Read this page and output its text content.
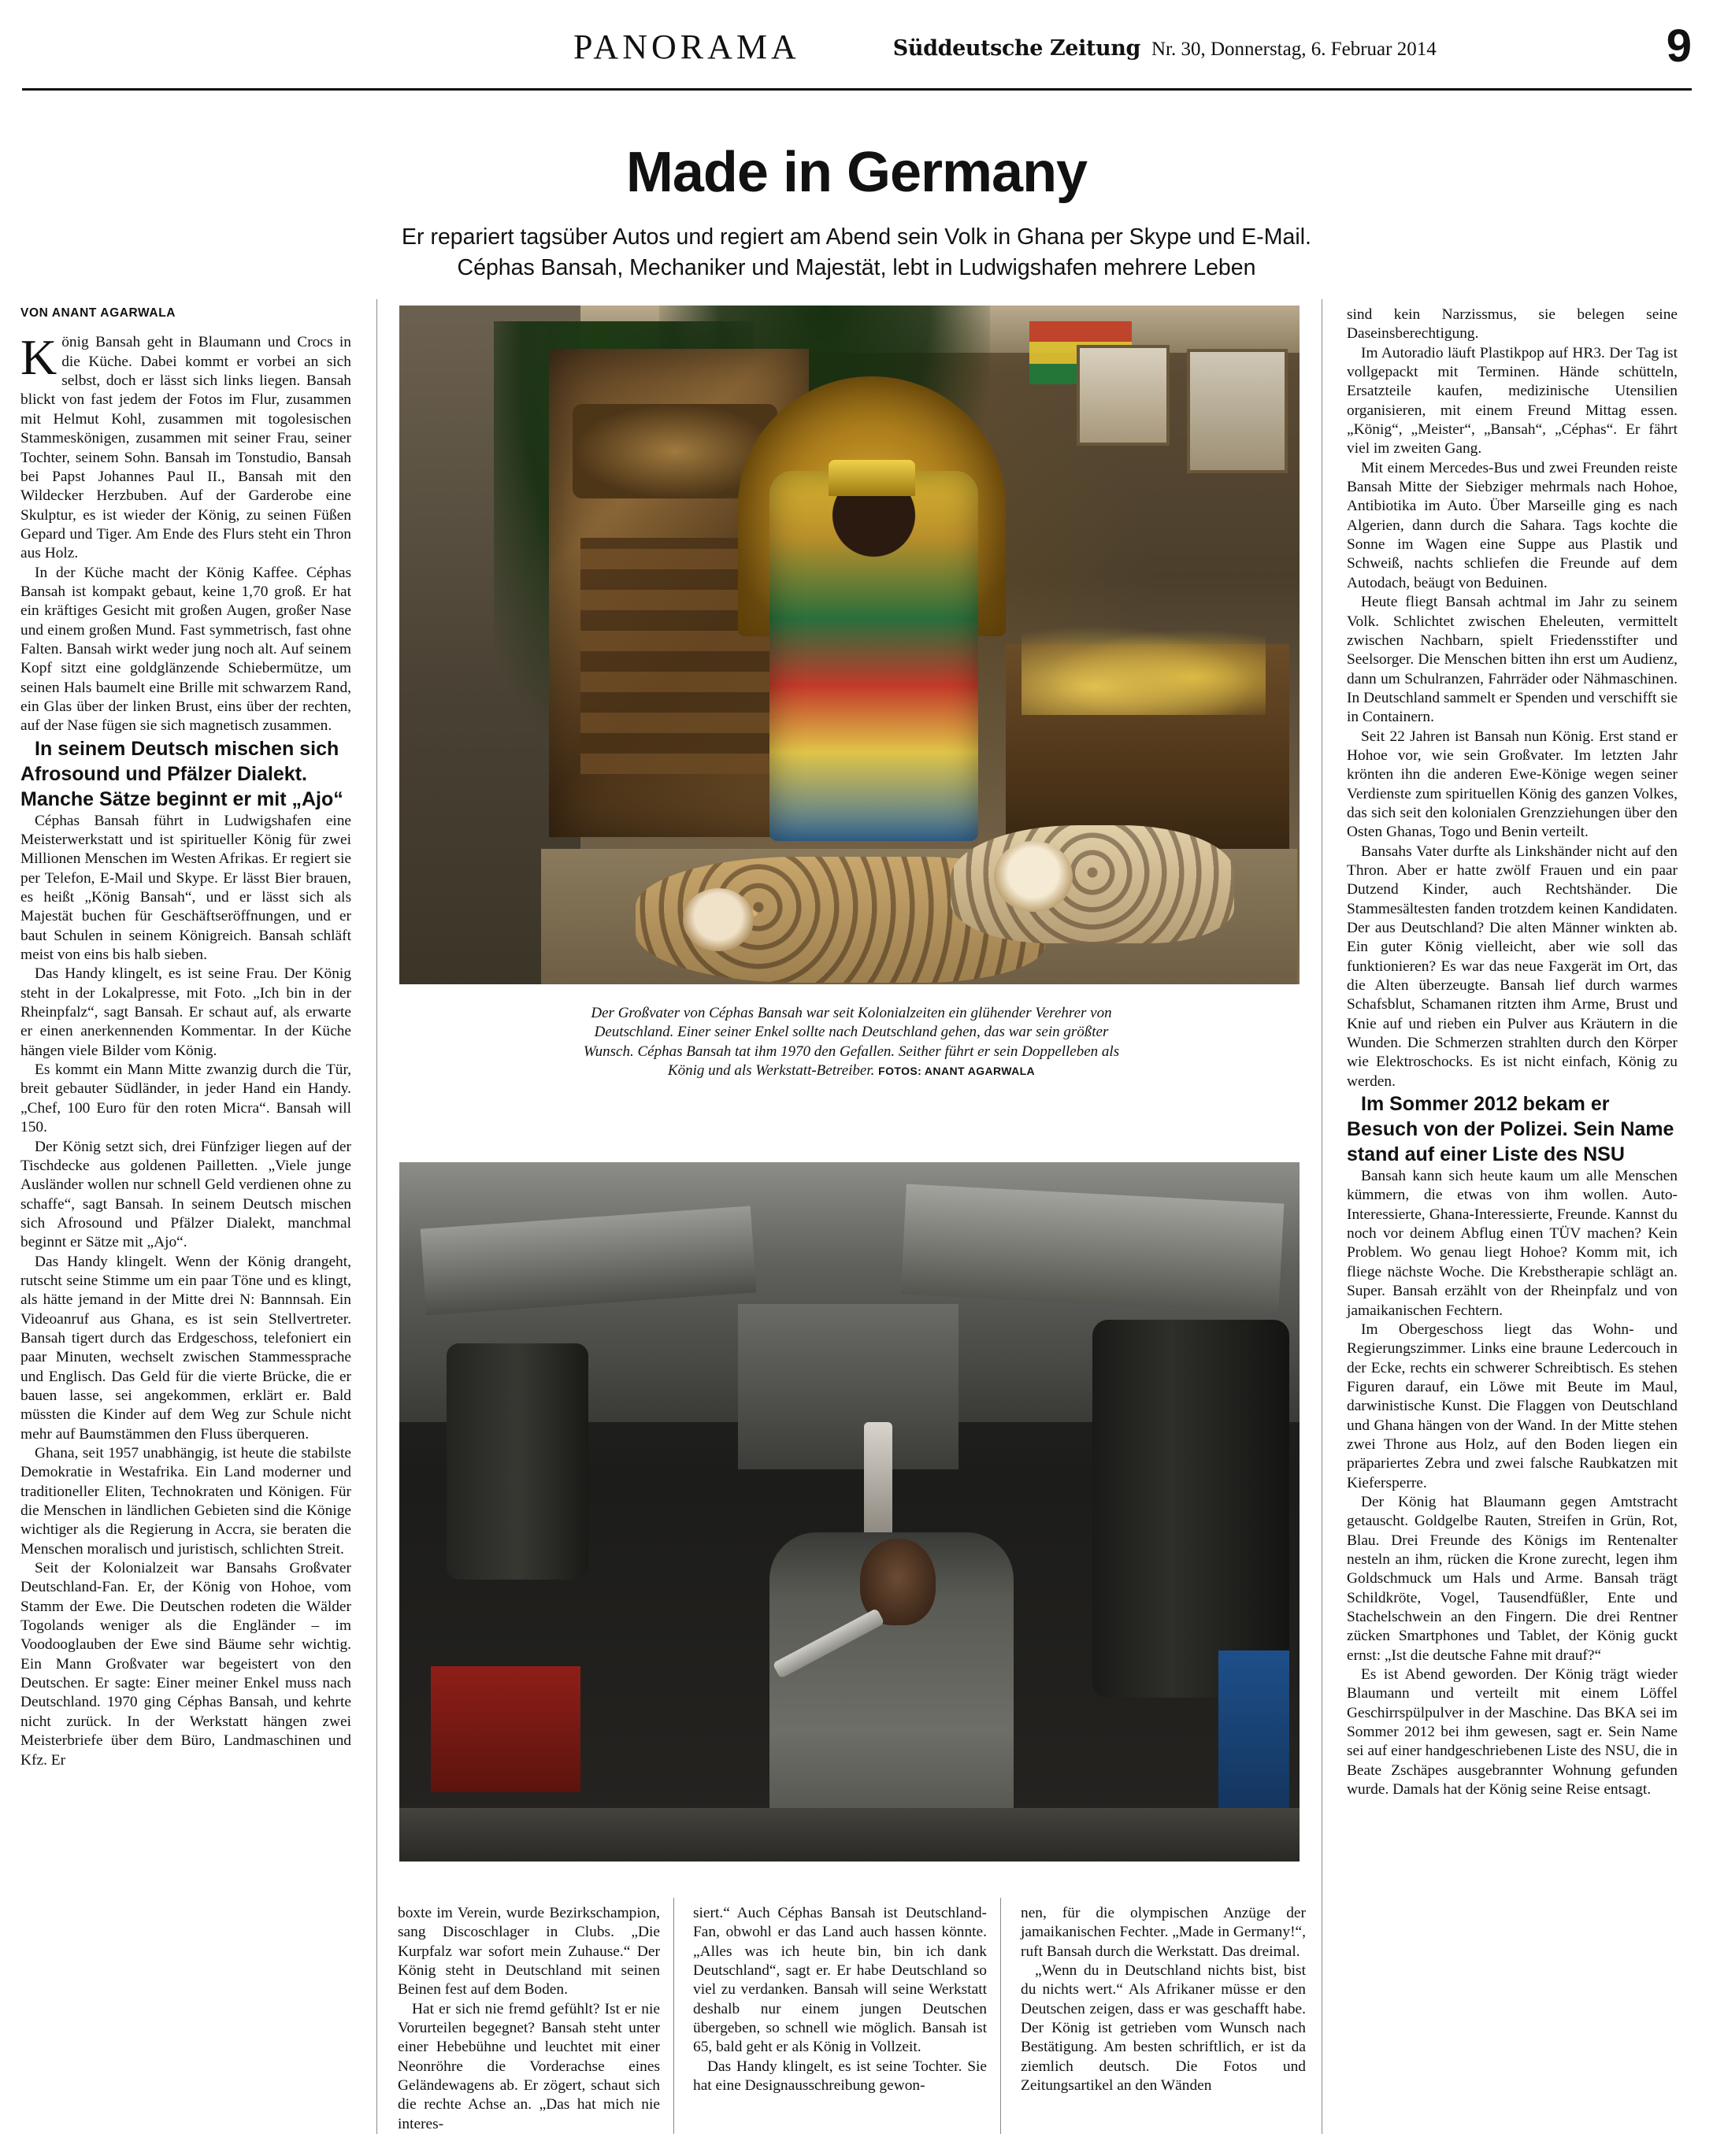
PANORAMA	Süddeutsche Zeitung Nr. 30, Donnerstag, 6. Februar 2014	9
Made in Germany
Er repariert tagsüber Autos und regiert am Abend sein Volk in Ghana per Skype und E-Mail.
Céphas Bansah, Mechaniker und Majestät, lebt in Ludwigshafen mehrere Leben
Der Großvater von Céphas Bansah war seit Kolonialzeiten ein glühender Verehrer von Deutschland. Einer seiner Enkel sollte nach Deutschland gehen, das war sein größter Wunsch. Céphas Bansah tat ihm 1970 den Gefallen. Seither führt er sein Doppelleben als König und als Werkstatt-Betreiber. FOTOS: ANANT AGARWALA
VON ANANT AGARWALA

König Bansah geht in Blaumann und Crocs in die Küche. Dabei kommt er vorbei an sich selbst, doch er lässt sich links liegen. Bansah blickt von fast jedem der Fotos im Flur, zusammen mit Helmut Kohl, zusammen mit togolesischen Stammeskönigen, zusammen mit seiner Frau, seiner Tochter, seinem Sohn. Bansah im Tonstudio, Bansah bei Papst Johannes Paul II., Bansah mit den Wildecker Herzbuben. Auf der Garderobe eine Skulptur, es ist wieder der König, zu seinen Füßen Gepard und Tiger. Am Ende des Flurs steht ein Thron aus Holz.

In der Küche macht der König Kaffee. Céphas Bansah ist kompakt gebaut, keine 1,70 groß. Er hat ein kräftiges Gesicht mit großen Augen, großer Nase und einem großen Mund. Fast symmetrisch, fast ohne Falten. Bansah wirkt weder jung noch alt. Auf seinem Kopf sitzt eine goldglänzende Schiebermütze, um seinen Hals baumelt eine Brille mit schwarzem Rand, ein Glas über der linken Brust, eins über der rechten, auf der Nase fügen sie sich magnetisch zusammen.

In seinem Deutsch mischen sich Afrosound und Pfälzer Dialekt. Manche Sätze beginnt er mit „Ajo“

Céphas Bansah führt in Ludwigshafen eine Meisterwerkstatt und ist spiritueller König für zwei Millionen Menschen im Westen Afrikas. Er regiert sie per Telefon, E-Mail und Skype. Er lässt Bier brauen, es heißt „König Bansah“, und er lässt sich als Majestät buchen für Geschäftseröffnungen, und er baut Schulen in seinem Königreich. Bansah schläft meist von eins bis halb sieben.

Das Handy klingelt, es ist seine Frau. Der König steht in der Lokalpresse, mit Foto. „Ich bin in der Rheinpfalz“, sagt Bansah. Er schaut auf, als erwarte er einen anerkennenden Kommentar. In der Küche hängen viele Bilder vom König.

Es kommt ein Mann Mitte zwanzig durch die Tür, breit gebauter Südländer, in jeder Hand ein Handy. „Chef, 100 Euro für den roten Micra“. Bansah will 150.

Der König setzt sich, drei Fünfziger liegen auf der Tischdecke aus goldenen Pailletten. „Viele junge Ausländer wollen nur schnell Geld verdienen ohne zu schaffe“, sagt Bansah. In seinem Deutsch mischen sich Afrosound und Pfälzer Dialekt, manchmal beginnt er Sätze mit „Ajo“.

Das Handy klingelt. Wenn der König drangeht, rutscht seine Stimme um ein paar Töne und es klingt, als hätte jemand in der Mitte drei N: Bannnsah. Ein Videoanruf aus Ghana, es ist sein Stellvertreter. Bansah tigert durch das Erdgeschoss, telefoniert ein paar Minuten, wechselt zwischen Stammessprache und Englisch. Das Geld für die vierte Brücke, die er bauen lasse, sei angekommen, erklärt er. Bald müssten die Kinder auf dem Weg zur Schule nicht mehr auf Baumstämmen den Fluss überqueren.

Ghana, seit 1957 unabhängig, ist heute die stabilste Demokratie in Westafrika. Ein Land moderner und traditioneller Eliten, Technokraten und Königen. Für die Menschen in ländlichen Gebieten sind die Könige wichtiger als die Regierung in Accra, sie beraten die Menschen moralisch und juristisch, schlichten Streit.

Seit der Kolonialzeit war Bansahs Großvater Deutschland-Fan. Er, der König von Hohoe, vom Stamm der Ewe. Die Deutschen rodeten die Wälder Togolands weniger als die Engländer – im Voodooglauben der Ewe sind Bäume sehr wichtig. Ein Mann Großvater war begeistert von den Deutschen. Er sagte: Einer meiner Enkel muss nach Deutschland. 1970 ging Céphas Bansah, und kehrte nicht zurück. In der Werkstatt hängen zwei Meisterbriefe über dem Büro, Landmaschinen und Kfz. Er

sind kein Narzissmus, sie belegen seine Daseinsberechtigung.

Im Autoradio läuft Plastikpop auf HR3. Der Tag ist vollgepackt mit Terminen. Hände schütteln, Ersatzteile kaufen, medizinische Utensilien organisieren, mit einem Freund Mittag essen. „König“, „Meister“, „Bansah“, „Céphas“. Er fährt viel im zweiten Gang.

Mit einem Mercedes-Bus und zwei Freunden reiste Bansah Mitte der Siebziger mehrmals nach Hohoe, Antibiotika im Auto. Über Marseille ging es nach Algerien, dann durch die Sahara. Tags kochte die Sonne im Wagen eine Suppe aus Plastik und Schweiß, nachts schliefen die Freunde auf dem Autodach, beäugt von Beduinen.

Heute fliegt Bansah achtmal im Jahr zu seinem Volk. Schlichtet zwischen Eheleuten, vermittelt zwischen Nachbarn, spielt Friedensstifter und Seelsorger. Die Menschen bitten ihn erst um Audienz, dann um Schulranzen, Fahrräder oder Nähmaschinen. In Deutschland sammelt er Spenden und verschifft sie in Containern.

Seit 22 Jahren ist Bansah nun König. Erst stand er Hohoe vor, wie sein Großvater. Im letzten Jahr krönten ihn die anderen Ewe-Könige wegen seiner Verdienste zum spirituellen König des ganzen Volkes, das sich seit den kolonialen Grenzziehungen über den Osten Ghanas, Togo und Benin verteilt.

Bansahs Vater durfte als Linkshänder nicht auf den Thron. Aber er hatte zwölf Frauen und ein paar Dutzend Kinder, auch Rechtshänder. Die Stammesältesten fanden trotzdem keinen Kandidaten. Der aus Deutschland? Die alten Männer winkten ab. Ein guter König vielleicht, aber wie soll das funktionieren? Es war das neue Faxgerät im Ort, das die Alten überzeugte. Bansah lief durch warmes Schafsblut, Schamanen ritzten ihm Arme, Brust und Knie auf und rieben ein Pulver aus Kräutern in die Wunden. Die Schmerzen strahlten durch den Körper wie Elektroschocks. Es ist nicht einfach, König zu werden.

Im Sommer 2012 bekam er Besuch von der Polizei. Sein Name stand auf einer Liste des NSU

Bansah kann sich heute kaum um alle Menschen kümmern, die etwas von ihm wollen. Auto-Interessierte, Ghana-Interessierte, Freunde. Kannst du noch vor deinem Abflug einen TÜV machen? Kein Problem. Wo genau liegt Hohoe? Komm mit, ich fliege nächste Woche. Die Krebstherapie schlägt an. Super. Bansah erzählt von der Rheinpfalz und von jamaikanischen Fechtern.

Im Obergeschoss liegt das Wohn- und Regierungszimmer. Links eine braune Ledercouch in der Ecke, rechts ein schwerer Schreibtisch. Es stehen Figuren darauf, ein Löwe mit Beute im Maul, darwinistische Kunst. Die Flaggen von Deutschland und Ghana hängen von der Wand. In der Mitte stehen zwei Throne aus Holz, auf den Boden liegen ein präpariertes Zebra und zwei falsche Raubkatzen mit Kiefersperre.

Der König hat Blaumann gegen Amtstracht getauscht. Goldgelbe Rauten, Streifen in Grün, Rot, Blau. Drei Freunde des Königs im Rentenalter nesteln an ihm, rücken die Krone zurecht, legen ihm Goldschmuck um Hals und Arme. Bansah trägt Schildkröte, Vogel, Tausendfüßler, Ente und Stachelschwein an den Fingern. Die drei Rentner zücken Smartphones und Tablet, der König guckt ernst: „Ist die deutsche Fahne mit drauf?“

Es ist Abend geworden. Der König trägt wieder Blaumann und verteilt mit einem Löffel Geschirrspülpulver in der Maschine. Das BKA sei im Sommer 2012 bei ihm gewesen, sagt er. Sein Name sei auf einer handgeschriebenen Liste des NSU, die in Beate Zschäpes ausgebrannter Wohnung gefunden wurde. Damals hat der König seine Reise entsagt.

boxte im Verein, wurde Bezirkschampion, sang Discoschlager in Clubs. „Die Kurpfalz war sofort mein Zuhause.“ Der König steht in Deutschland mit seinen Beinen fest auf dem Boden.

Hat er sich nie fremd gefühlt? Ist er nie Vorurteilen begegnet? Bansah steht unter einer Hebebühne und leuchtet mit einer Neonröhre die Vorderachse eines Geländewagens ab. Er zögert, schaut sich die rechte Achse an. „Das hat mich nie interes-

siert.“ Auch Céphas Bansah ist Deutschland-Fan, obwohl er das Land auch hassen könnte. „Alles was ich heute bin, bin ich dank Deutschland“, sagt er. Er habe Deutschland so viel zu verdanken. Bansah will seine Werkstatt deshalb nur einem jungen Deutschen übergeben, so schnell wie möglich. Bansah ist 65, bald geht er als König in Vollzeit.

Das Handy klingelt, es ist seine Tochter. Sie hat eine Designausschreibung gewon-

nen, für die olympischen Anzüge der jamaikanischen Fechter. „Made in Germany!“, ruft Bansah durch die Werkstatt. Das dreimal.

„Wenn du in Deutschland nichts bist, bist du nichts wert.“ Als Afrikaner müsse er den Deutschen zeigen, dass er was geschafft habe. Der König ist getrieben vom Wunsch nach Bestätigung. Am besten schriftlich, er ist da ziemlich deutsch. Die Fotos und Zeitungsartikel an den Wänden
